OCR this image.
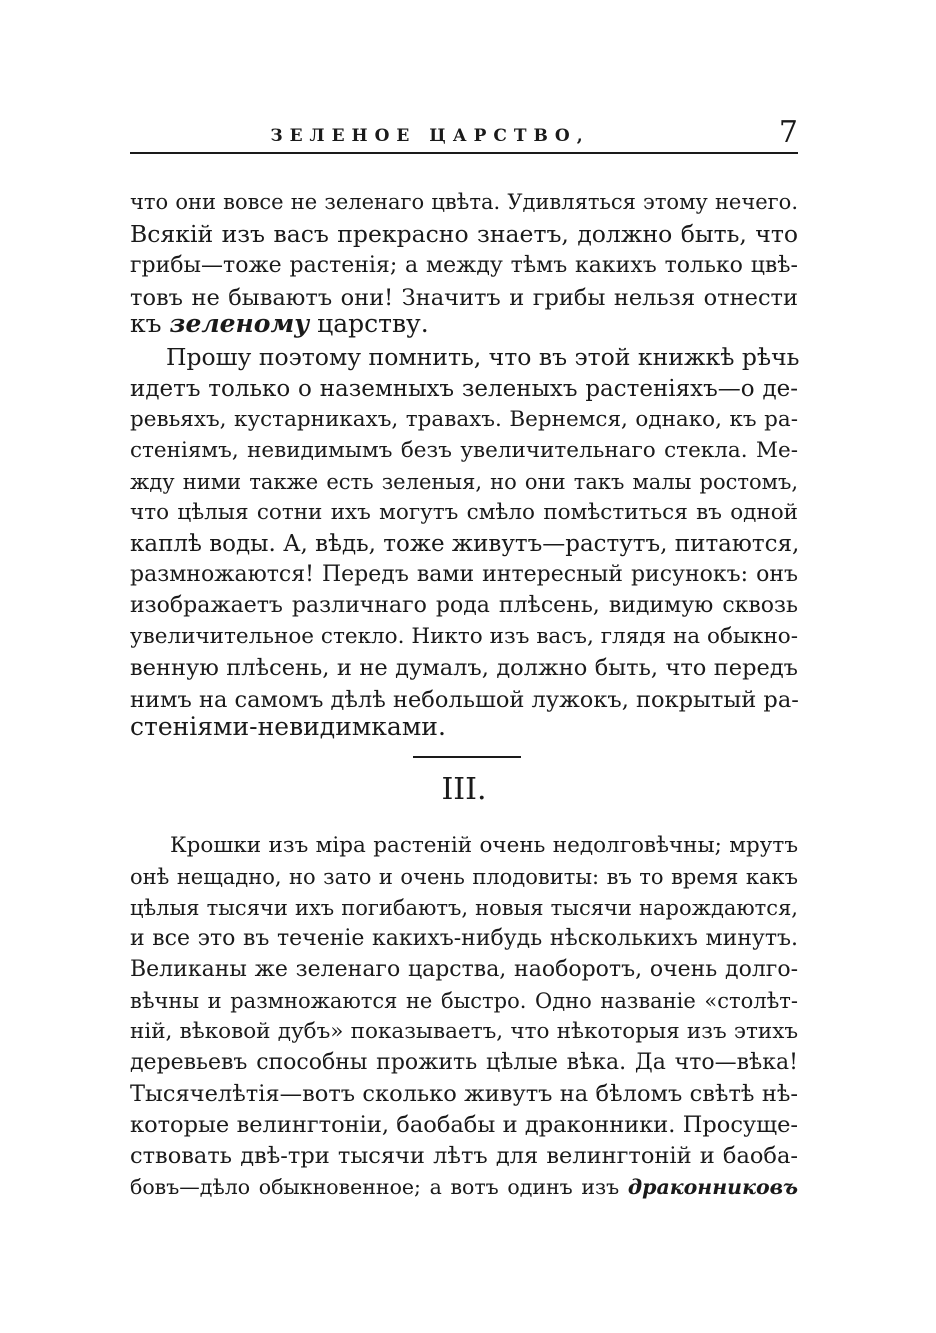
ЗЕЛЕНОЕ ЦАРСТВО,	7
что они вовсе не зеленаго цвѣта. Удивляться этому нечего.
Всякій изъ васъ прекрасно знаетъ, должно быть, что
грибы—тоже растенія; а между тѣмъ какихъ только цвѣ-
товъ не бываютъ они! Значитъ и грибы нельзя отнести
къ зеленому царству.
Прошу поэтому помнить, что въ этой книжкѣ рѣчь
идетъ только о наземныхъ зеленыхъ растеніяхъ—о де-
ревьяхъ, кустарникахъ, травахъ. Вернемся, однако, къ ра-
стеніямъ, невидимымъ безъ увеличительнаго стекла. Ме-
жду ними также есть зеленыя, но они такъ малы ростомъ,
что цѣлыя сотни ихъ могутъ смѣло помѣститься въ одной
каплѣ воды. А, вѣдь, тоже живутъ—растутъ, питаются,
размножаются! Передъ вами интересный рисунокъ: онъ
изображаетъ различнаго рода плѣсень, видимую сквозь
увеличительное стекло. Никто изъ васъ, глядя на обыкно-
венную плѣсень, и не думалъ, должно быть, что передъ
нимъ на самомъ дѣлѣ небольшой лужокъ, покрытый ра-
стеніями-невидимками.
III.
Крошки изъ міра растеній очень недолговѣчны; мрутъ
онѣ нещадно, но зато и очень плодовиты: въ то время какъ
цѣлыя тысячи ихъ погибаютъ, новыя тысячи нарождаются,
и все это въ теченіе какихъ-нибудь нѣсколькихъ минутъ.
Великаны же зеленаго царства, наоборотъ, очень долго-
вѣчны и размножаются не быстро. Одно названіе «столѣт-
ній, вѣковой дубъ» показываетъ, что нѣкоторыя изъ этихъ
деревьевъ способны прожить цѣлые вѣка. Да что—вѣка!
Тысячелѣтія—вотъ сколько живутъ на бѣломъ свѣтѣ нѣ-
которые велингтоніи, баобабы и драконники. Просуще-
ствовать двѣ-три тысячи лѣтъ для велингтоній и баоба-
бовъ—дѣло обыкновенное; а вотъ одинъ изъ драконниковъ
